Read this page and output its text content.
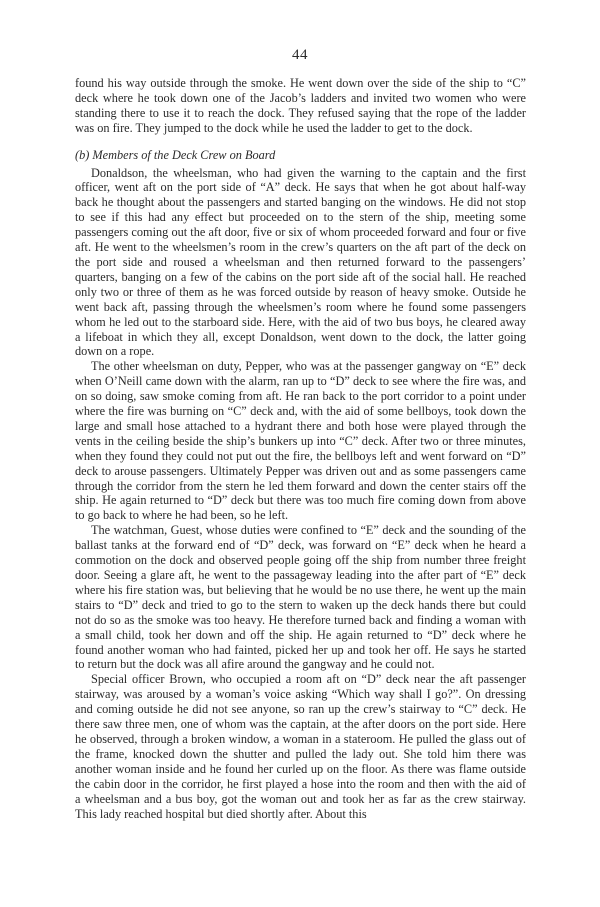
44

found his way outside through the smoke. He went down over the side of the ship to “C” deck where he took down one of the Jacob’s ladders and invited two women who were standing there to use it to reach the dock. They refused saying that the rope of the ladder was on fire. They jumped to the dock while he used the ladder to get to the dock.

(b) Members of the Deck Crew on Board

Donaldson, the wheelsman, who had given the warning to the captain and the first officer, went aft on the port side of “A” deck. He says that when he got about half-way back he thought about the passengers and started banging on the windows. He did not stop to see if this had any effect but proceeded on to the stern of the ship, meeting some passengers coming out the aft door, five or six of whom proceeded forward and four or five aft. He went to the wheelsmen’s room in the crew’s quarters on the aft part of the deck on the port side and roused a wheelsman and then returned forward to the passengers’ quarters, banging on a few of the cabins on the port side aft of the social hall. He reached only two or three of them as he was forced outside by reason of heavy smoke. Outside he went back aft, passing through the wheelsmen’s room where he found some passengers whom he led out to the starboard side. Here, with the aid of two bus boys, he cleared away a lifeboat in which they all, except Donaldson, went down to the dock, the latter going down on a rope.

The other wheelsman on duty, Pepper, who was at the passenger gangway on “E” deck when O’Neill came down with the alarm, ran up to “D” deck to see where the fire was, and on so doing, saw smoke coming from aft. He ran back to the port corridor to a point under where the fire was burning on “C” deck and, with the aid of some bellboys, took down the large and small hose attached to a hydrant there and both hose were played through the vents in the ceiling beside the ship’s bunkers up into “C” deck. After two or three minutes, when they found they could not put out the fire, the bellboys left and went forward on “D” deck to arouse passengers. Ultimately Pepper was driven out and as some passengers came through the corridor from the stern he led them forward and down the center stairs off the ship. He again returned to “D” deck but there was too much fire coming down from above to go back to where he had been, so he left.

The watchman, Guest, whose duties were confined to “E” deck and the sounding of the ballast tanks at the forward end of “D” deck, was forward on “E” deck when he heard a commotion on the dock and observed people going off the ship from number three freight door. Seeing a glare aft, he went to the passageway leading into the after part of “E” deck where his fire station was, but believing that he would be no use there, he went up the main stairs to “D” deck and tried to go to the stern to waken up the deck hands there but could not do so as the smoke was too heavy. He therefore turned back and finding a woman with a small child, took her down and off the ship. He again returned to “D” deck where he found another woman who had fainted, picked her up and took her off. He says he started to return but the dock was all afire around the gangway and he could not.

Special officer Brown, who occupied a room aft on “D” deck near the aft passenger stairway, was aroused by a woman’s voice asking “Which way shall I go?”. On dressing and coming outside he did not see anyone, so ran up the crew’s stairway to “C” deck. He there saw three men, one of whom was the captain, at the after doors on the port side. Here he observed, through a broken window, a woman in a stateroom. He pulled the glass out of the frame, knocked down the shutter and pulled the lady out. She told him there was another woman inside and he found her curled up on the floor. As there was flame outside the cabin door in the corridor, he first played a hose into the room and then with the aid of a wheelsman and a bus boy, got the woman out and took her as far as the crew stairway. This lady reached hospital but died shortly after. About this
